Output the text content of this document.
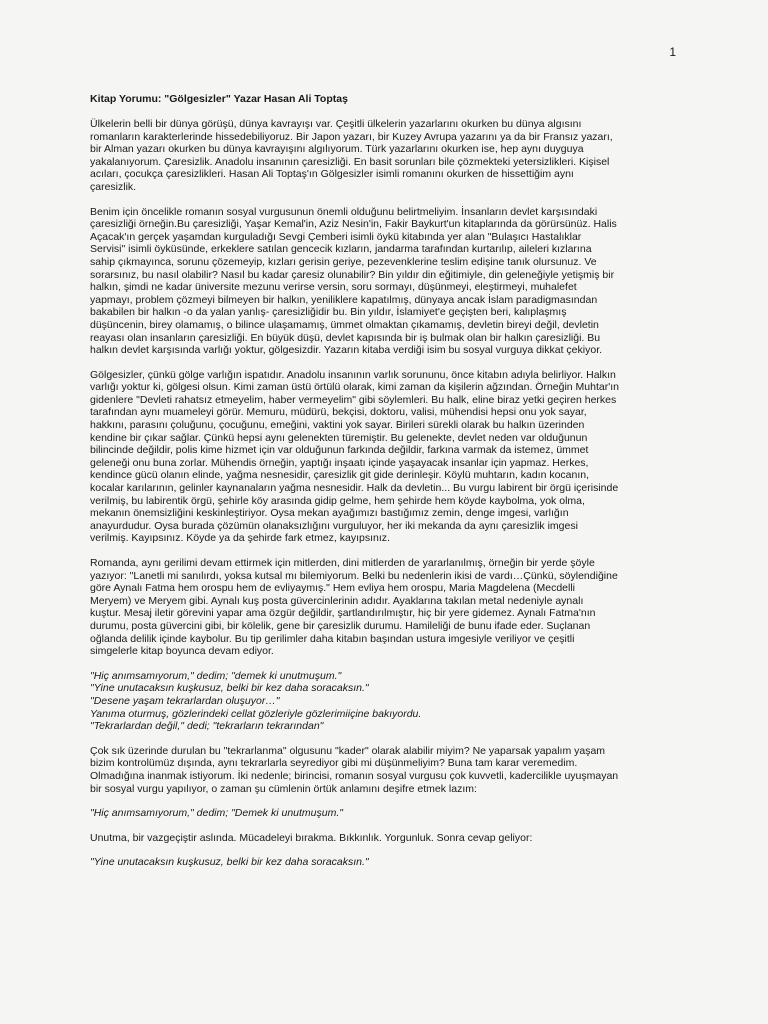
1
Kitap Yorumu: "Gölgesizler" Yazar Hasan Ali Toptaş
Ülkelerin belli bir dünya görüşü, dünya kavrayışı var. Çeşitli ülkelerin yazarlarını okurken bu dünya algısını
romanların karakterlerinde hissedebiliyoruz. Bir Japon yazarı, bir Kuzey Avrupa yazarını ya da bir Fransız yazarı,
bir Alman yazarı okurken bu dünya kavrayışını algılıyorum. Türk yazarlarını okurken ise, hep aynı duyguya
yakalanıyorum. Çaresizlik. Anadolu insanının çaresizliği. En basit sorunları bile çözmekteki yetersizlikleri. Kişisel
acıları, çocukça çaresizlikleri. Hasan Ali Toptaş'ın Gölgesizler isimli romanını okurken de hissettiğim aynı
çaresizlik.
Benim için öncelikle romanın sosyal vurgusunun önemli olduğunu belirtmeliyim. İnsanların devlet karşısındaki
çaresizliği örneğin.Bu çaresizliği, Yaşar Kemal'in, Aziz Nesin'in, Fakir Baykurt'un kitaplarında da görürsünüz. Halis
Açacak'ın gerçek yaşamdan kurguladığı Sevgi Çemberi isimli öykü kitabında yer alan "Bulaşıcı Hastalıklar
Servisi" isimli öyküsünde, erkeklere satılan gencecik kızların, jandarma tarafından kurtarılıp, aileleri kızlarına
sahip çıkmayınca, sorunu çözemeyip, kızları gerisin geriye, pezevenklerine teslim edişine tanık olursunuz. Ve
sorarsınız, bu nasıl olabilir? Nasıl bu kadar çaresiz olunabilir? Bin yıldır din eğitimiyle, din geleneğiyle yetişmiş bir
halkın, şimdi ne kadar üniversite mezunu verirse versin, soru sormayı, düşünmeyi, eleştirmeyi, muhalefet
yapmayı, problem çözmeyi bilmeyen bir halkın, yeniliklere kapatılmış, dünyaya ancak İslam paradigmasından
bakabilen bir halkın -o da yalan yanlış- çaresizliğidir bu. Bin yıldır, İslamiyet'e geçişten beri, kalıplaşmış
düşüncenin, birey olamamış, o bilince ulaşamamış, ümmet olmaktan çıkamamış, devletin bireyi değil, devletin
reayası olan insanların çaresizliği. En büyük düşü, devlet kapısında bir iş bulmak olan bir halkın çaresizliği. Bu
halkın devlet karşısında varlığı yoktur, gölgesizdir. Yazarın kitaba verdiği isim bu sosyal vurguya dikkat çekiyor.
Gölgesizler, çünkü gölge varlığın ispatıdır. Anadolu insanının varlık sorununu, önce kitabın adıyla belirliyor. Halkın
varlığı yoktur ki, gölgesi olsun. Kimi zaman üstü örtülü olarak, kimi zaman da kişilerin ağzından. Örneğin Muhtar'ın
gidenlere "Devleti rahatsız etmeyelim, haber vermeyelim" gibi söylemleri. Bu halk, eline biraz yetki geçiren herkes
tarafından aynı muameleyi görür. Memuru, müdürü, bekçisi, doktoru, valisi, mühendisi hepsi onu yok sayar,
hakkını, parasını çoluğunu, çocuğunu, emeğini, vaktini yok sayar. Birileri sürekli olarak bu halkın üzerinden
kendine bir çıkar sağlar. Çünkü hepsi aynı gelenekten türemiştir. Bu gelenekte, devlet neden var olduğunun
bilincinde değildir, polis kime hizmet için var olduğunun farkında değildir, farkına varmak da istemez, ümmet
geleneği onu buna zorlar. Mühendis örneğin, yaptığı inşaatı içinde yaşayacak insanlar için yapmaz. Herkes,
kendince gücü olanın elinde, yağma nesnesidir, çaresizlik git gide derinleşir. Köylü muhtarın, kadın kocanın,
kocalar karılarının, gelinler kaynanaların yağma nesnesidir. Halk da devletin... Bu vurgu labirent bir örgü içerisinde
verilmiş, bu labirentik örgü, şehirle köy arasında gidip gelme, hem şehirde hem köyde kaybolma, yok olma,
mekanın önemsizliğini keskinleştiriyor. Oysa mekan ayağımızı bastığımız zemin, denge imgesi, varlığın
anayurdudur. Oysa burada çözümün olanaksızlığını vurguluyor, her iki mekanda da aynı çaresizlik imgesi
verilmiş. Kayıpsınız. Köyde ya da şehirde fark etmez, kayıpsınız.
Romanda, aynı gerilimi devam ettirmek için mitlerden, dini mitlerden de yararlanılmış, örneğin bir yerde şöyle
yazıyor: "Lanetli mi sanılırdı, yoksa kutsal mı bilemiyorum. Belki bu nedenlerin ikisi de vardı…Çünkü, söylendiğine
göre Aynalı Fatma hem orospu hem de evliyaymış." Hem evliya hem orospu, Maria Magdelena (Mecdelli
Meryem) ve Meryem gibi. Aynalı kuş posta güvercinlerinin adıdır. Ayaklarına takılan metal nedeniyle aynalı
kuştur. Mesaj iletir görevini yapar ama özgür değildir, şartlandırılmıştır, hiç bir yere gidemez. Aynalı Fatma'nın
durumu, posta güvercini gibi, bir kölelik, gene bir çaresizlik durumu. Hamileliği de bunu ifade eder. Suçlanan
oğlanda delilik içinde kaybolur. Bu tip gerilimler daha kitabın başından ustura imgesiyle veriliyor ve çeşitli
simgelerle kitap boyunca devam ediyor.
"Hiç anımsamıyorum," dedim; "demek ki unutmuşum."
"Yine unutacaksın kuşkusuz, belki bir kez daha soracaksın."
"Desene yaşam tekrarlardan oluşuyor…"
Yanıma oturmuş, gözlerindeki cellat gözleriyle gözlerimiiçine bakıyordu.
"Tekrarlardan değil," dedi; "tekrarların tekrarından"
Çok sık üzerinde durulan bu "tekrarlanma" olgusunu "kader" olarak alabilir miyim? Ne yaparsak yapalım yaşam
bizim kontrolümüz dışında, aynı tekrarlarla seyrediyor gibi mi düşünmeliyim? Buna tam karar veremedim.
Olmadığına inanmak istiyorum. İki nedenle; birincisi, romanın sosyal vurgusu çok kuvvetli, kadercilikle uyuşmayan
bir sosyal vurgu yapılıyor, o zaman şu cümlenin örtük anlamını deşifre etmek lazım:
"Hiç anımsamıyorum," dedim; "Demek ki unutmuşum."
Unutma, bir vazgeçiştir aslında. Mücadeleyi bırakma. Bıkkınlık. Yorgunluk. Sonra cevap geliyor:
"Yine unutacaksın kuşkusuz, belki bir kez daha soracaksın."
